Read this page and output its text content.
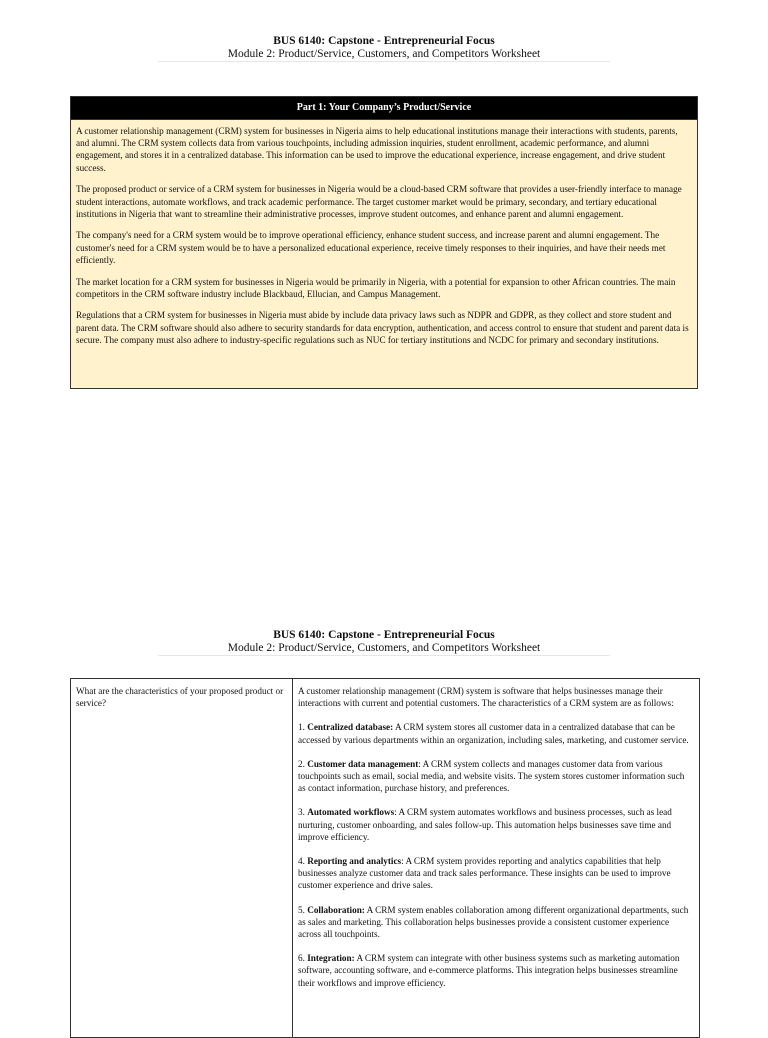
BUS 6140: Capstone - Entrepreneurial Focus
Module 2: Product/Service, Customers, and Competitors Worksheet
Part 1: Your Company’s Product/Service

A customer relationship management (CRM) system for businesses in Nigeria aims to help educational institutions manage their interactions with students, parents, and alumni. The CRM system collects data from various touchpoints, including admission inquiries, student enrollment, academic performance, and alumni engagement, and stores it in a centralized database. This information can be used to improve the educational experience, increase engagement, and drive student success.

The proposed product or service of a CRM system for businesses in Nigeria would be a cloud-based CRM software that provides a user-friendly interface to manage student interactions, automate workflows, and track academic performance. The target customer market would be primary, secondary, and tertiary educational institutions in Nigeria that want to streamline their administrative processes, improve student outcomes, and enhance parent and alumni engagement.

The company's need for a CRM system would be to improve operational efficiency, enhance student success, and increase parent and alumni engagement. The customer's need for a CRM system would be to have a personalized educational experience, receive timely responses to their inquiries, and have their needs met efficiently.

The market location for a CRM system for businesses in Nigeria would be primarily in Nigeria, with a potential for expansion to other African countries. The main competitors in the CRM software industry include Blackbaud, Ellucian, and Campus Management.

Regulations that a CRM system for businesses in Nigeria must abide by include data privacy laws such as NDPR and GDPR, as they collect and store student and parent data. The CRM software should also adhere to security standards for data encryption, authentication, and access control to ensure that student and parent data is secure. The company must also adhere to industry-specific regulations such as NUC for tertiary institutions and NCDC for primary and secondary institutions.

BUS 6140: Capstone - Entrepreneurial Focus
Module 2: Product/Service, Customers, and Competitors Worksheet
What are the characteristics of your proposed product or service?

A customer relationship management (CRM) system is software that helps businesses manage their interactions with current and potential customers. The characteristics of a CRM system are as follows:

1. Centralized database: A CRM system stores all customer data in a centralized database that can be accessed by various departments within an organization, including sales, marketing, and customer service.

2. Customer data management: A CRM system collects and manages customer data from various touchpoints such as email, social media, and website visits. The system stores customer information such as contact information, purchase history, and preferences.

3. Automated workflows: A CRM system automates workflows and business processes, such as lead nurturing, customer onboarding, and sales follow-up. This automation helps businesses save time and improve efficiency.

4. Reporting and analytics: A CRM system provides reporting and analytics capabilities that help businesses analyze customer data and track sales performance. These insights can be used to improve customer experience and drive sales.

5. Collaboration: A CRM system enables collaboration among different organizational departments, such as sales and marketing. This collaboration helps businesses provide a consistent customer experience across all touchpoints.

6. Integration: A CRM system can integrate with other business systems such as marketing automation software, accounting software, and e-commerce platforms. This integration helps businesses streamline their workflows and improve efficiency.
